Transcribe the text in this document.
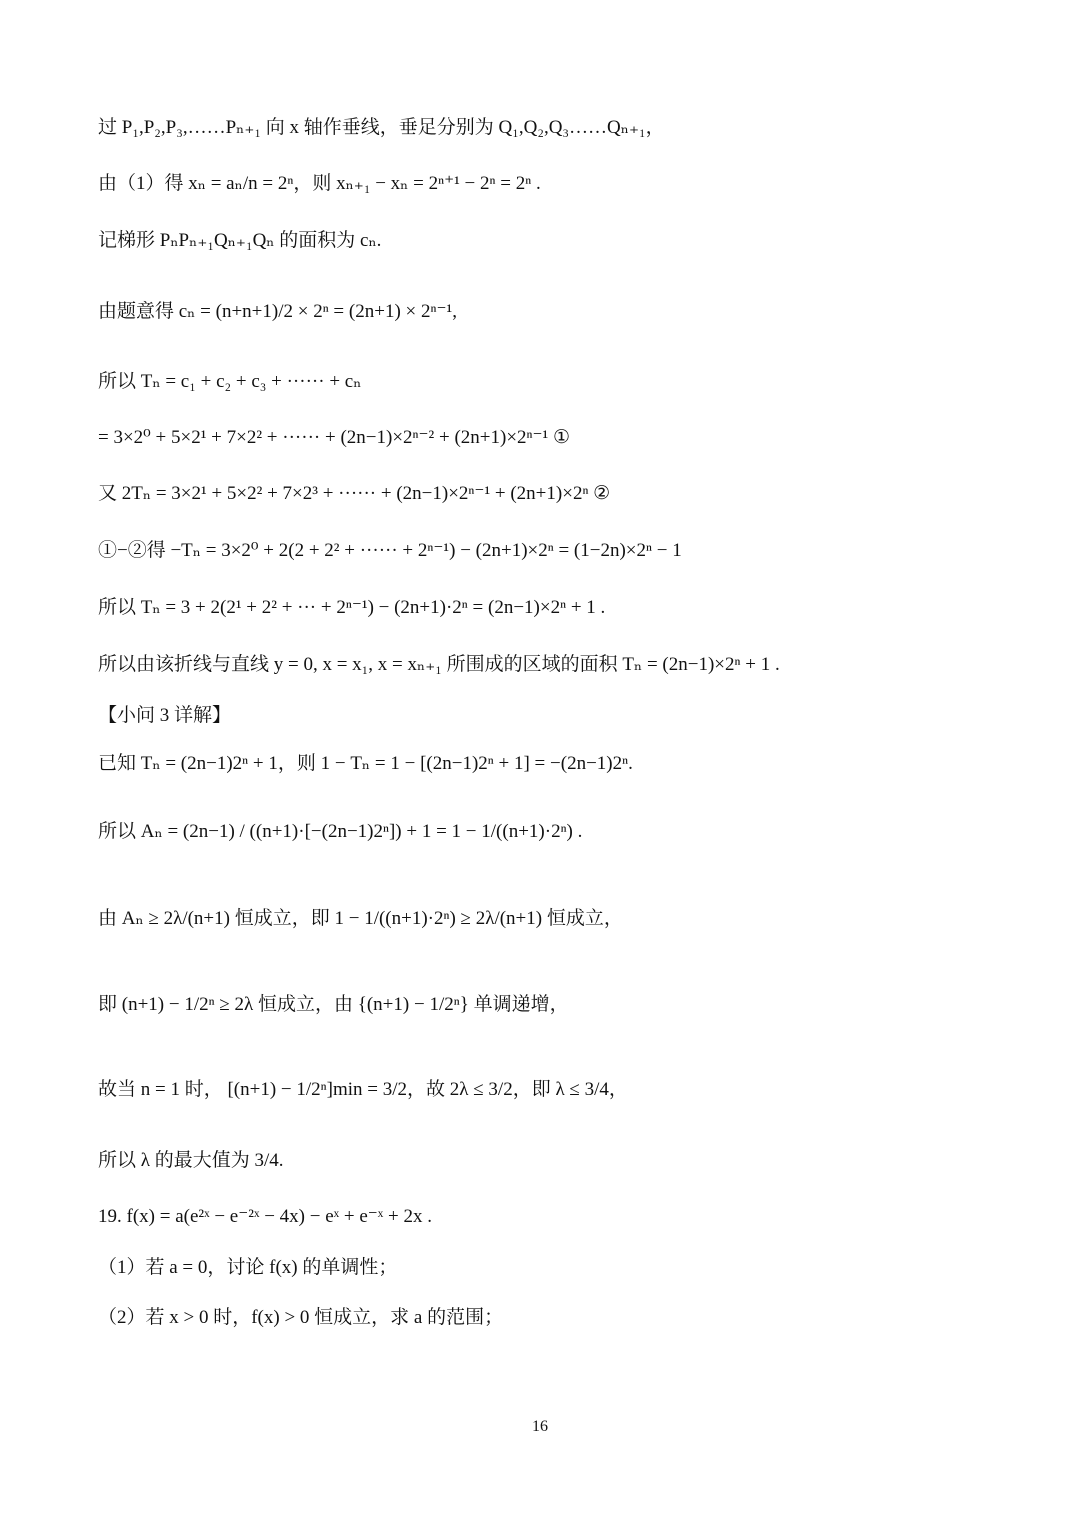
过 P₁,P₂,P₃,……Pₙ₊₁ 向 x 轴作垂线，垂足分别为 Q₁,Q₂,Q₃……Qₙ₊₁，
由（1）得 xₙ = aₙ/n = 2ⁿ，则 xₙ₊₁ − xₙ = 2ⁿ⁺¹ − 2ⁿ = 2ⁿ .
记梯形 PₙPₙ₊₁Qₙ₊₁Qₙ 的面积为 cₙ.
由题意得 cₙ = (n+n+1)/2 × 2ⁿ = (2n+1) × 2ⁿ⁻¹,
所以 Tₙ = c₁ + c₂ + c₃ + ······ + cₙ
= 3×2⁰ + 5×2¹ + 7×2² + ······ + (2n−1)×2ⁿ⁻² + (2n+1)×2ⁿ⁻¹ ①
又 2Tₙ = 3×2¹ + 5×2² + 7×2³ + ······ + (2n−1)×2ⁿ⁻¹ + (2n+1)×2ⁿ ②
①−②得 −Tₙ = 3×2⁰ + 2(2 + 2² + ······ + 2ⁿ⁻¹) − (2n+1)×2ⁿ = (1−2n)×2ⁿ − 1
所以 Tₙ = 3 + 2(2¹ + 2² + ··· + 2ⁿ⁻¹) − (2n+1)·2ⁿ = (2n−1)×2ⁿ + 1 .
所以由该折线与直线 y = 0, x = x₁, x = xₙ₊₁ 所围成的区域的面积 Tₙ = (2n−1)×2ⁿ + 1 .
【小问 3 详解】
已知 Tₙ = (2n−1)2ⁿ + 1，则 1 − Tₙ = 1 − [(2n−1)2ⁿ + 1] = −(2n−1)2ⁿ.
所以 Aₙ = (2n−1) / ((n+1)·[−(2n−1)2ⁿ]) + 1 = 1 − 1/((n+1)·2ⁿ) .
由 Aₙ ≥ 2λ/(n+1) 恒成立，即 1 − 1/((n+1)·2ⁿ) ≥ 2λ/(n+1) 恒成立，
即 (n+1) − 1/2ⁿ ≥ 2λ 恒成立，由 {(n+1) − 1/2ⁿ} 单调递增，
故当 n = 1 时， [(n+1) − 1/2ⁿ]min = 3/2，故 2λ ≤ 3/2，即 λ ≤ 3/4，
所以 λ 的最大值为 3/4.
19. f(x) = a(e²ˣ − e⁻²ˣ − 4x) − eˣ + e⁻ˣ + 2x .
（1）若 a = 0，讨论 f(x) 的单调性；
（2）若 x > 0 时，f(x) > 0 恒成立，求 a 的范围；
16
